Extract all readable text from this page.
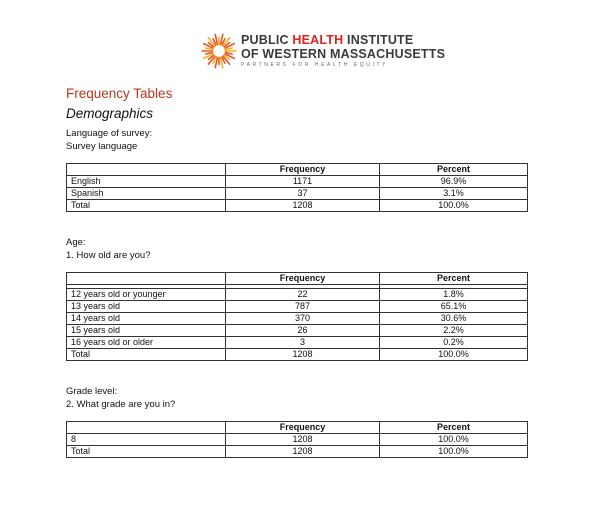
PUBLIC HEALTH INSTITUTE
OF WESTERN MASSACHUSETTS
PARTNERS FOR HEALTH EQUITY
Frequency Tables
Demographics
Language of survey:
Survey language
	Frequency	Percent
English	1171	96.9%
Spanish	37	3.1%
Total	1208	100.0%
Age:
1. How old are you?
	Frequency	Percent

12 years old or younger	22	1.8%
13 years old	787	65.1%
14 years old	370	30.6%
15 years old	26	2.2%
16 years old or older	3	0.2%
Total	1208	100.0%
Grade level:
2. What grade are you in?
	Frequency	Percent
8	1208	100.0%
Total	1208	100.0%
